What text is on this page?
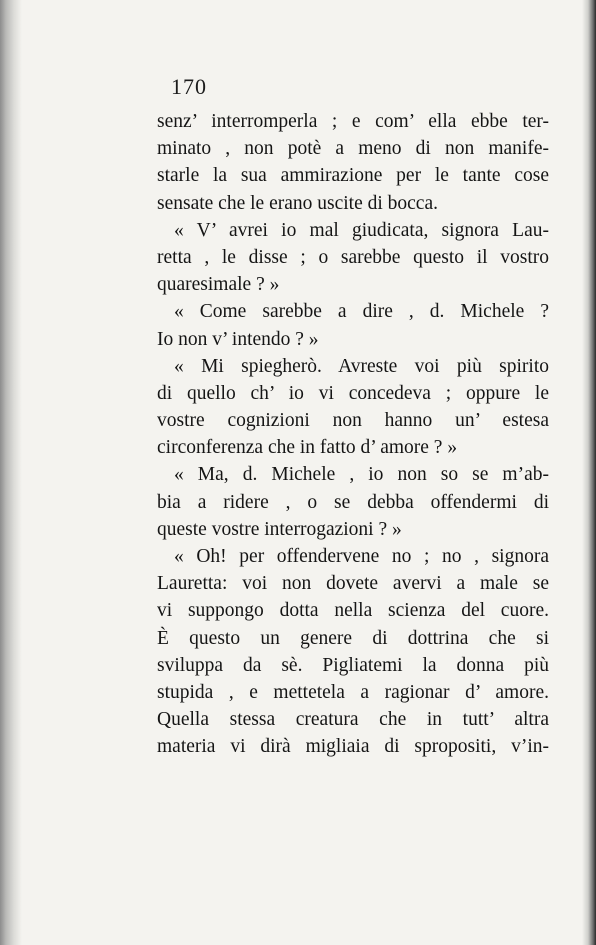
170
senz’ interromperla ; e com’ ella ebbe ter-
minato , non potè a meno di non manife-
starle la sua ammirazione per le tante cose
sensate che le erano uscite di bocca.
« V’ avrei io mal giudicata, signora Lau-
retta , le disse ; o sarebbe questo il vostro
quaresimale ? »
« Come sarebbe a dire , d. Michele ?
Io non v’ intendo ? »
« Mi spiegherò. Avreste voi più spirito
di quello ch’ io vi concedeva ; oppure le
vostre cognizioni non hanno un’ estesa
circonferenza che in fatto d’ amore ? »
« Ma, d. Michele , io non so se m’ab-
bia a ridere , o se debba offendermi di
queste vostre interrogazioni ? »
« Oh! per offendervene no ; no , signora
Lauretta: voi non dovete avervi a male se
vi suppongo dotta nella scienza del cuore.
È questo un genere di dottrina che si
sviluppa da sè. Pigliatemi la donna più
stupida , e mettetela a ragionar d’ amore.
Quella stessa creatura che in tutt’ altra
materia vi dirà migliaia di spropositi, v’in-
